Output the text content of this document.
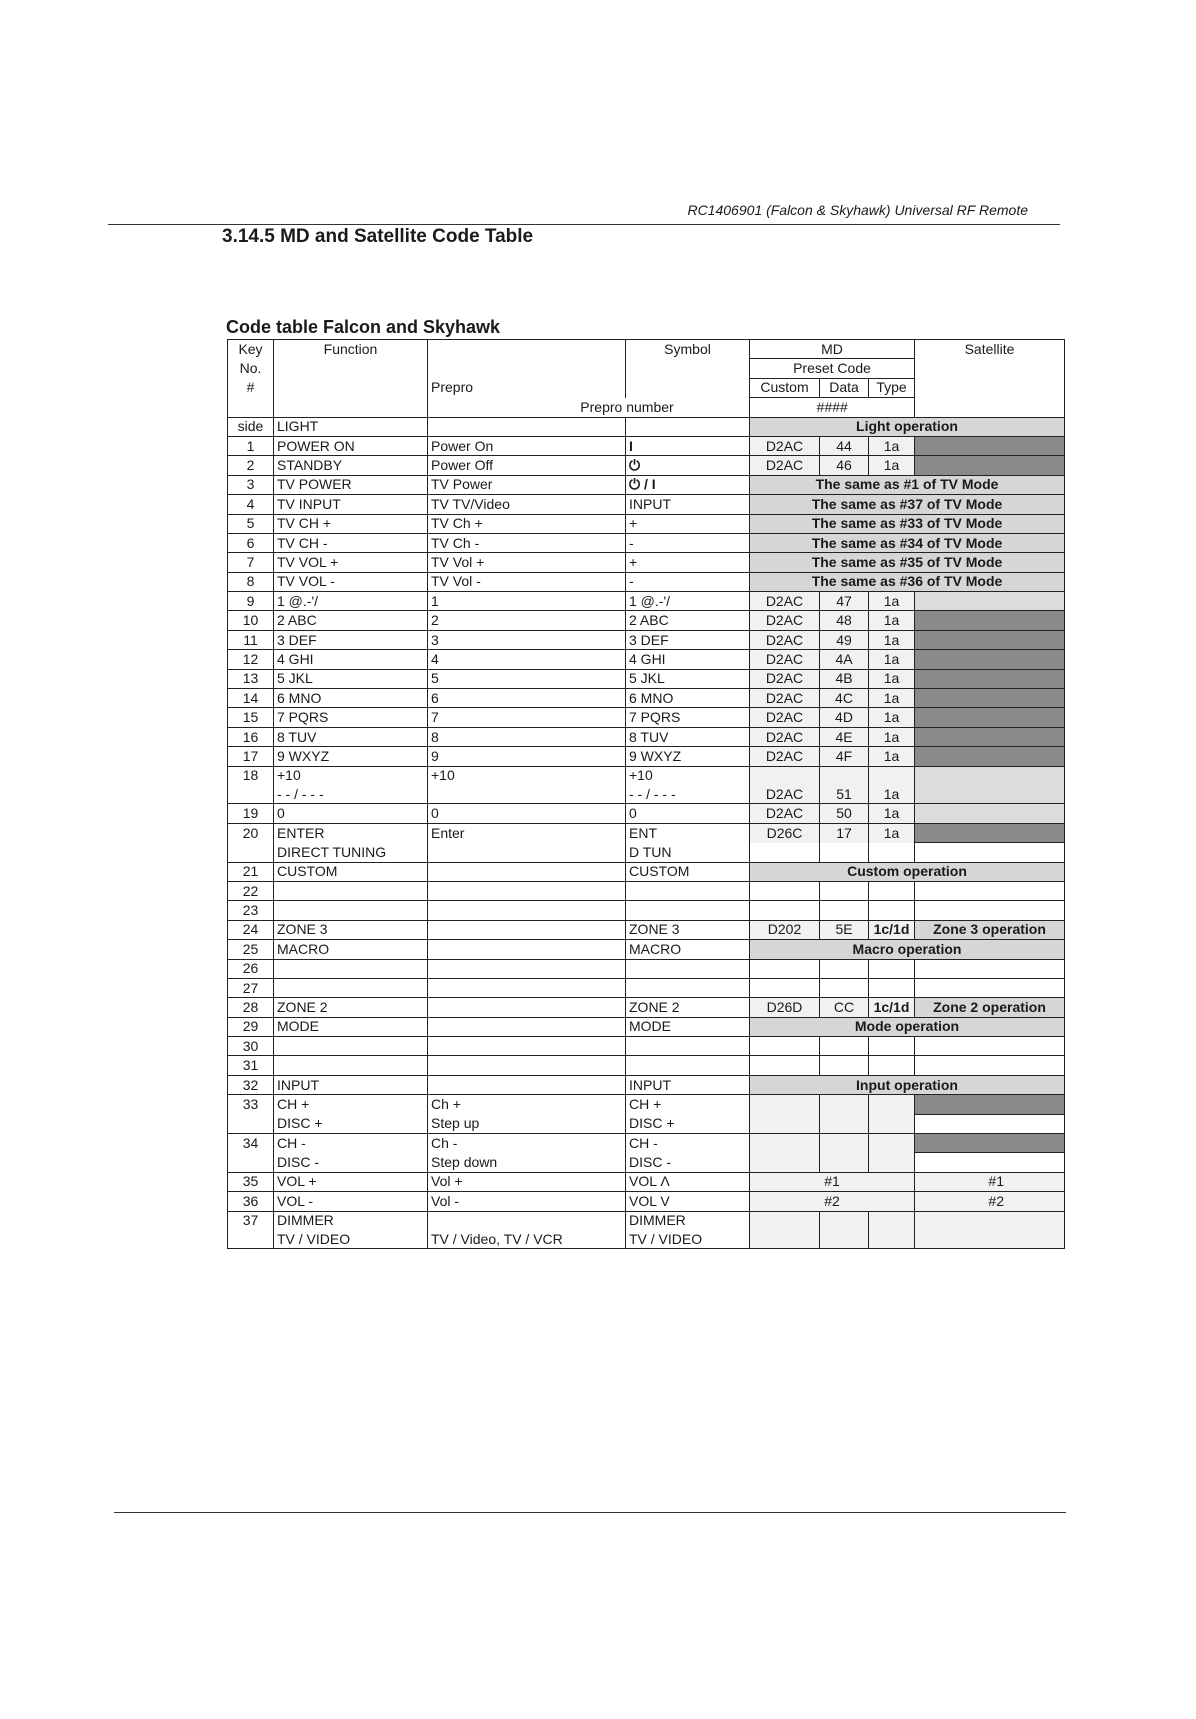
RC1406901 (Falcon & Skyhawk) Universal RF Remote
3.14.5 MD and Satellite Code Table
Code table Falcon and Skyhawk
Key	Function		Symbol	MD			Satellite
No.				Preset Code			
#		Prepro		Custom	Data	Type	
		Prepro number		####			
side	LIGHT			Light operation			
1	POWER ON	Power On	I	D2AC	44	1a	
2	STANDBY	Power Off	⏻	D2AC	46	1a	
3	TV POWER	TV Power	⏻ / I	The same as #1 of TV Mode			
4	TV INPUT	TV TV/Video	INPUT	The same as #37 of TV Mode			
5	TV CH +	TV Ch +	+	The same as #33 of TV Mode			
6	TV CH -	TV Ch -	-	The same as #34 of TV Mode			
7	TV VOL +	TV Vol +	+	The same as #35 of TV Mode			
8	TV VOL -	TV Vol -	-	The same as #36 of TV Mode			
9	1 @.-'/	1	1 @.-'/	D2AC	47	1a	
10	2 ABC	2	2 ABC	D2AC	48	1a	
11	3 DEF	3	3 DEF	D2AC	49	1a	
12	4 GHI	4	4 GHI	D2AC	4A	1a	
13	5 JKL	5	5 JKL	D2AC	4B	1a	
14	6 MNO	6	6 MNO	D2AC	4C	1a	
15	7 PQRS	7	7 PQRS	D2AC	4D	1a	
16	8 TUV	8	8 TUV	D2AC	4E	1a	
17	9 WXYZ	9	9 WXYZ	D2AC	4F	1a	
18	+10	+10	+10	D2AC	51	1a	
	- - / - - -		- - / - - -				
19	0	0	0	D2AC	50	1a	
20	ENTER	Enter	ENT	D26C	17	1a	
	DIRECT TUNING		D TUN				
21	CUSTOM		CUSTOM	Custom operation			
22							
23							
24	ZONE 3		ZONE 3	D202	5E	1c/1d	Zone 3 operation
25	MACRO		MACRO	Macro operation			
26							
27							
28	ZONE 2		ZONE 2	D26D	CC	1c/1d	Zone 2 operation
29	MODE		MODE	Mode operation			
30							
31							
32	INPUT		INPUT	Input operation			
33	CH +	Ch +	CH +				
	DISC +	Step up	DISC +				
34	CH -	Ch -	CH -				
	DISC -	Step down	DISC -				
35	VOL +	Vol +	VOL Λ	#1			#1
36	VOL -	Vol -	VOL V	#2			#2
37	DIMMER		DIMMER				
	TV / VIDEO	TV / Video, TV / VCR	TV / VIDEO				
